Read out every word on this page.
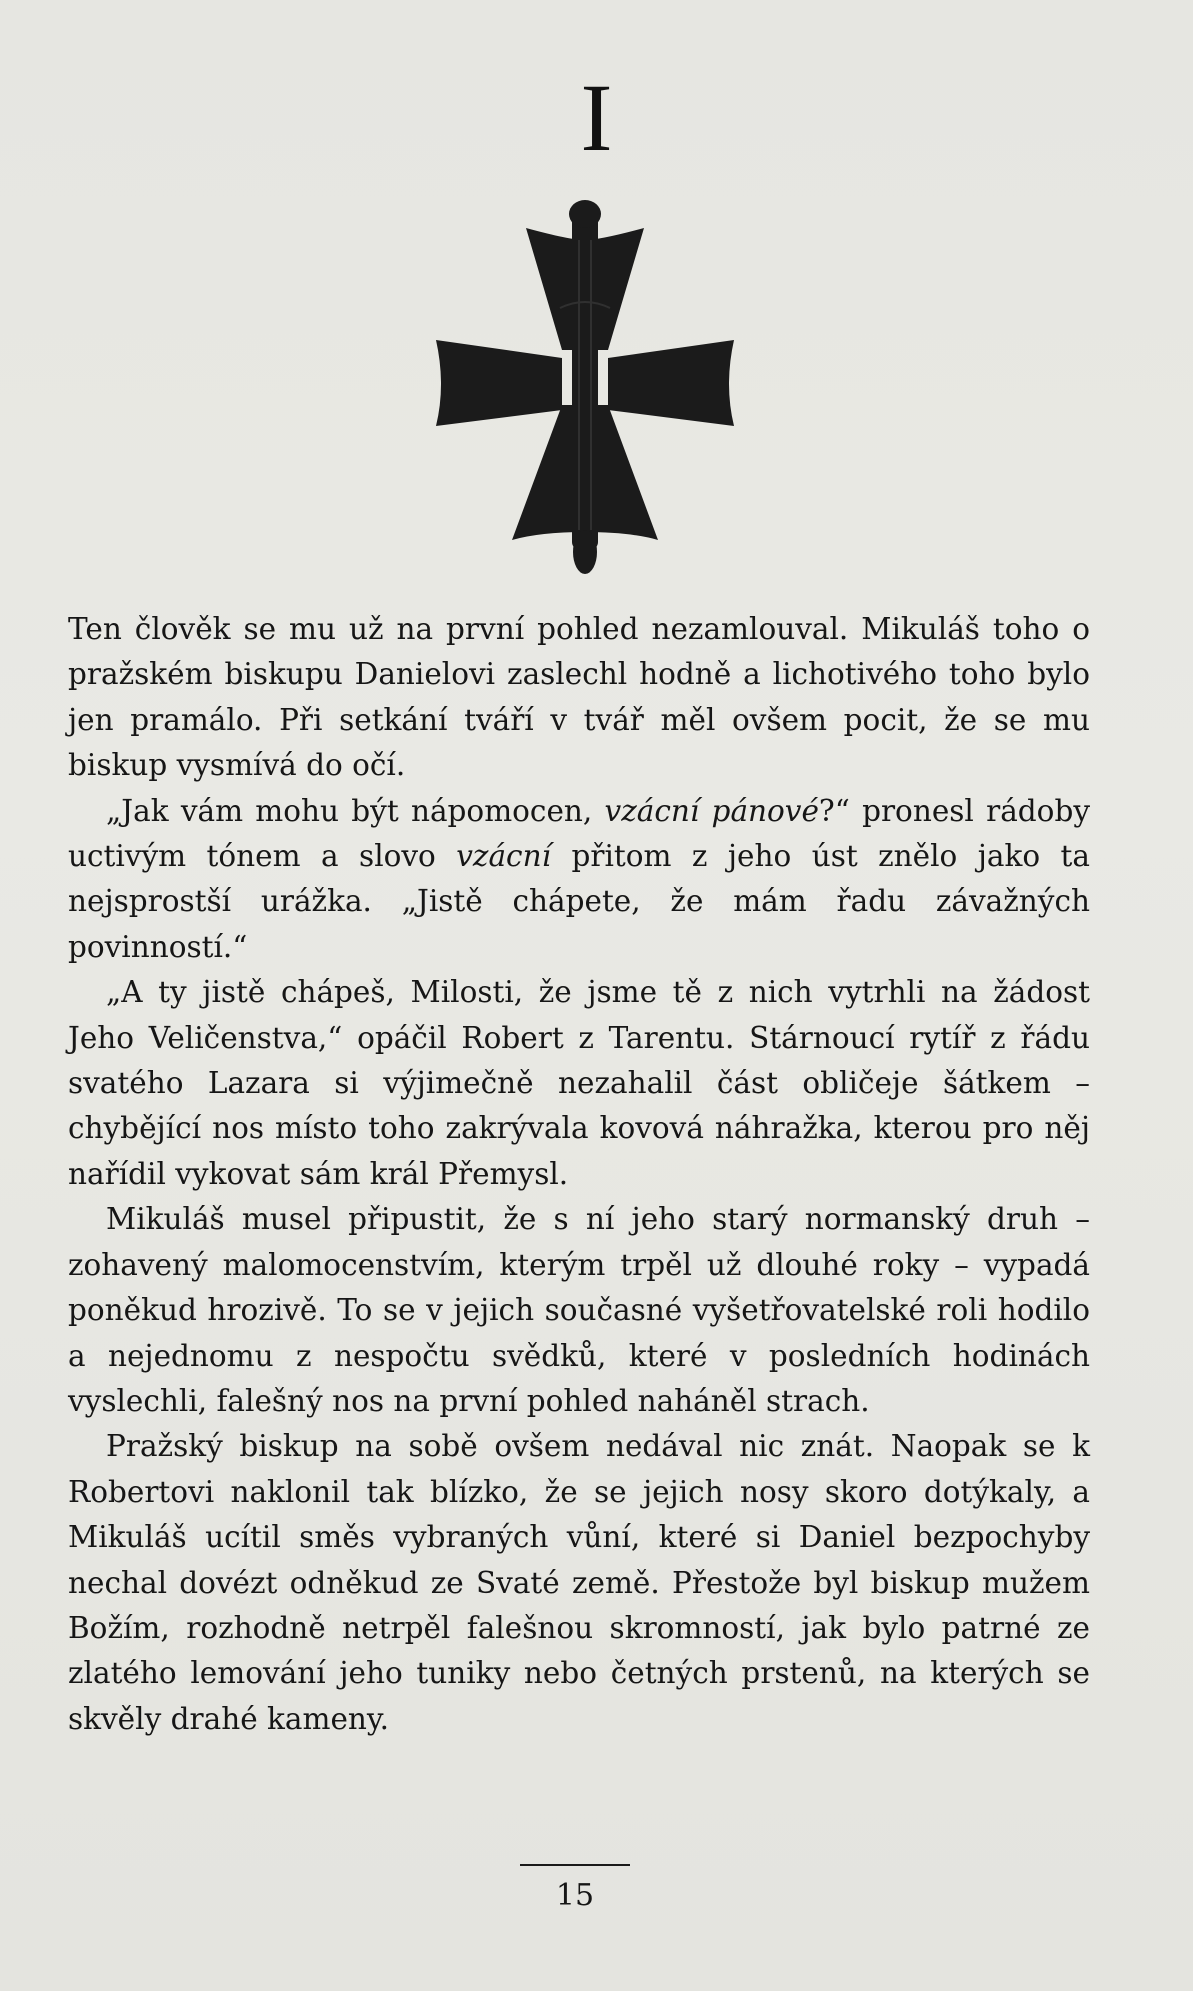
I

Ten člověk se mu už na první pohled nezamlouval. Mikuláš toho o pražském biskupu Danielovi zaslechl hodně a lichotivého toho bylo jen pramálo. Při setkání tváří v tvář měl ovšem pocit, že se mu biskup vysmívá do očí.

„Jak vám mohu být nápomocen, vzácní pánové?“ pronesl rádoby uctivým tónem a slovo vzácní přitom z jeho úst znělo jako ta nejsprostší urážka. „Jistě chápete, že mám řadu závažných povinností.“

„A ty jistě chápeš, Milosti, že jsme tě z nich vytrhli na žádost Jeho Veličenstva,“ opáčil Robert z Tarentu. Stárnoucí rytíř z řádu svatého Lazara si výjimečně nezahalil část obličeje šátkem – chybějící nos místo toho zakrývala kovová náhražka, kterou pro něj nařídil vykovat sám král Přemysl.

Mikuláš musel připustit, že s ní jeho starý normanský druh – zohavený malomocenstvím, kterým trpěl už dlouhé roky – vypadá poněkud hrozivě. To se v jejich současné vyšetřovatelské roli hodilo a nejednomu z nespočtu svědků, které v posledních hodinách vyslechli, falešný nos na první pohled naháněl strach.

Pražský biskup na sobě ovšem nedával nic znát. Naopak se k Robertovi naklonil tak blízko, že se jejich nosy skoro dotýkaly, a Mikuláš ucítil směs vybraných vůní, které si Daniel bezpochyby nechal dovézt odněkud ze Svaté země. Přestože byl biskup mužem Božím, rozhodně netrpěl falešnou skromností, jak bylo patrné ze zlatého lemování jeho tuniky nebo četných prstenů, na kterých se skvěly drahé kameny.

15
